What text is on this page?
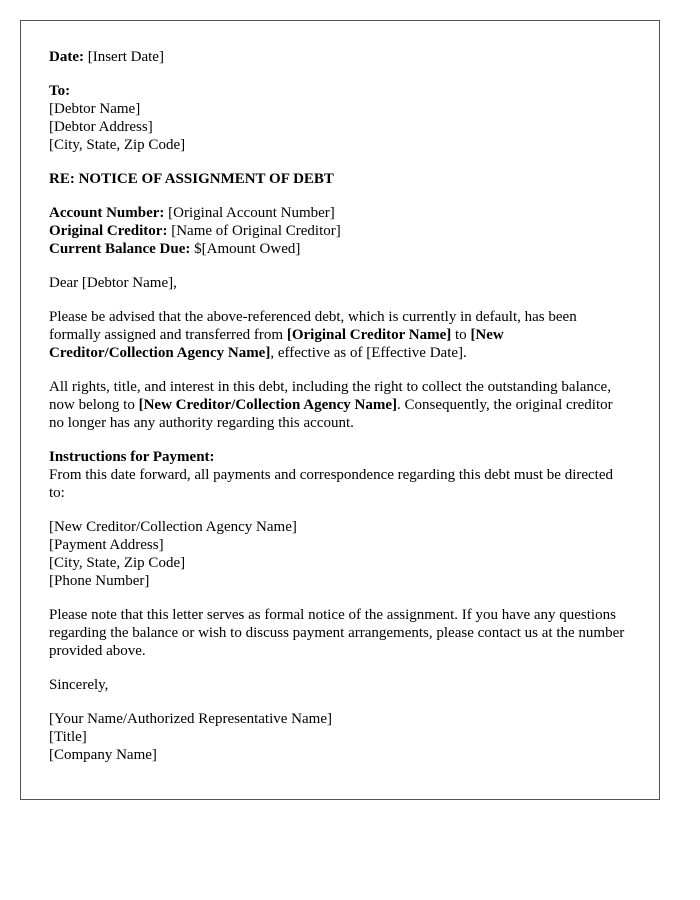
Date: [Insert Date]
To:
[Debtor Name]
[Debtor Address]
[City, State, Zip Code]
RE: NOTICE OF ASSIGNMENT OF DEBT
Account Number: [Original Account Number]
Original Creditor: [Name of Original Creditor]
Current Balance Due: $[Amount Owed]

Dear [Debtor Name],

Please be advised that the above-referenced debt, which is currently in default, has been formally assigned and transferred from [Original Creditor Name] to [New Creditor/Collection Agency Name], effective as of [Effective Date].

All rights, title, and interest in this debt, including the right to collect the outstanding balance, now belong to [New Creditor/Collection Agency Name]. Consequently, the original creditor no longer has any authority regarding this account.

Instructions for Payment:
From this date forward, all payments and correspondence regarding this debt must be directed to:
[New Creditor/Collection Agency Name]
[Payment Address]
[City, State, Zip Code]
[Phone Number]

Please note that this letter serves as formal notice of the assignment. If you have any questions regarding the balance or wish to discuss payment arrangements, please contact us at the number provided above.

Sincerely,

[Your Name/Authorized Representative Name]
[Title]
[Company Name]
